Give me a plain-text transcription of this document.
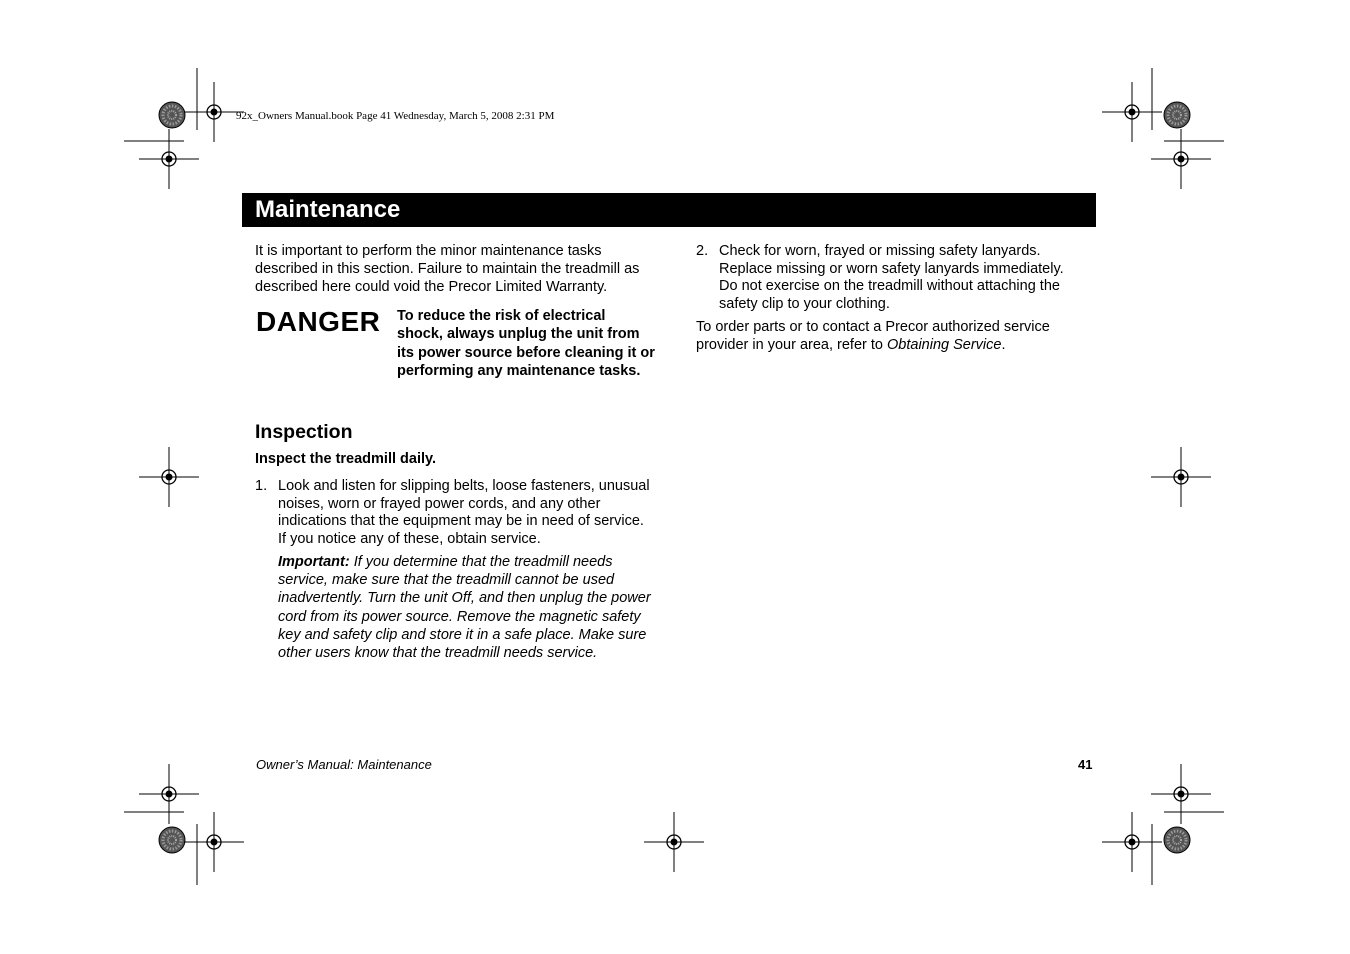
92x_Owners Manual.book Page 41 Wednesday, March 5, 2008 2:31 PM
Maintenance

It is important to perform the minor maintenance tasks described in this section. Failure to maintain the treadmill as described here could void the Precor Limited Warranty.

DANGER To reduce the risk of electrical shock, always unplug the unit from its power source before cleaning it or performing any maintenance tasks.

Inspection
Inspect the treadmill daily.
1. Look and listen for slipping belts, loose fasteners, unusual noises, worn or frayed power cords, and any other indications that the equipment may be in need of service. If you notice any of these, obtain service.

Important: If you determine that the treadmill needs service, make sure that the treadmill cannot be used inadvertently. Turn the unit Off, and then unplug the power cord from its power source. Remove the magnetic safety key and safety clip and store it in a safe place. Make sure other users know that the treadmill needs service.

2. Check for worn, frayed or missing safety lanyards. Replace missing or worn safety lanyards immediately. Do not exercise on the treadmill without attaching the safety clip to your clothing.

To order parts or to contact a Precor authorized service provider in your area, refer to Obtaining Service.

Owner’s Manual: Maintenance	41
